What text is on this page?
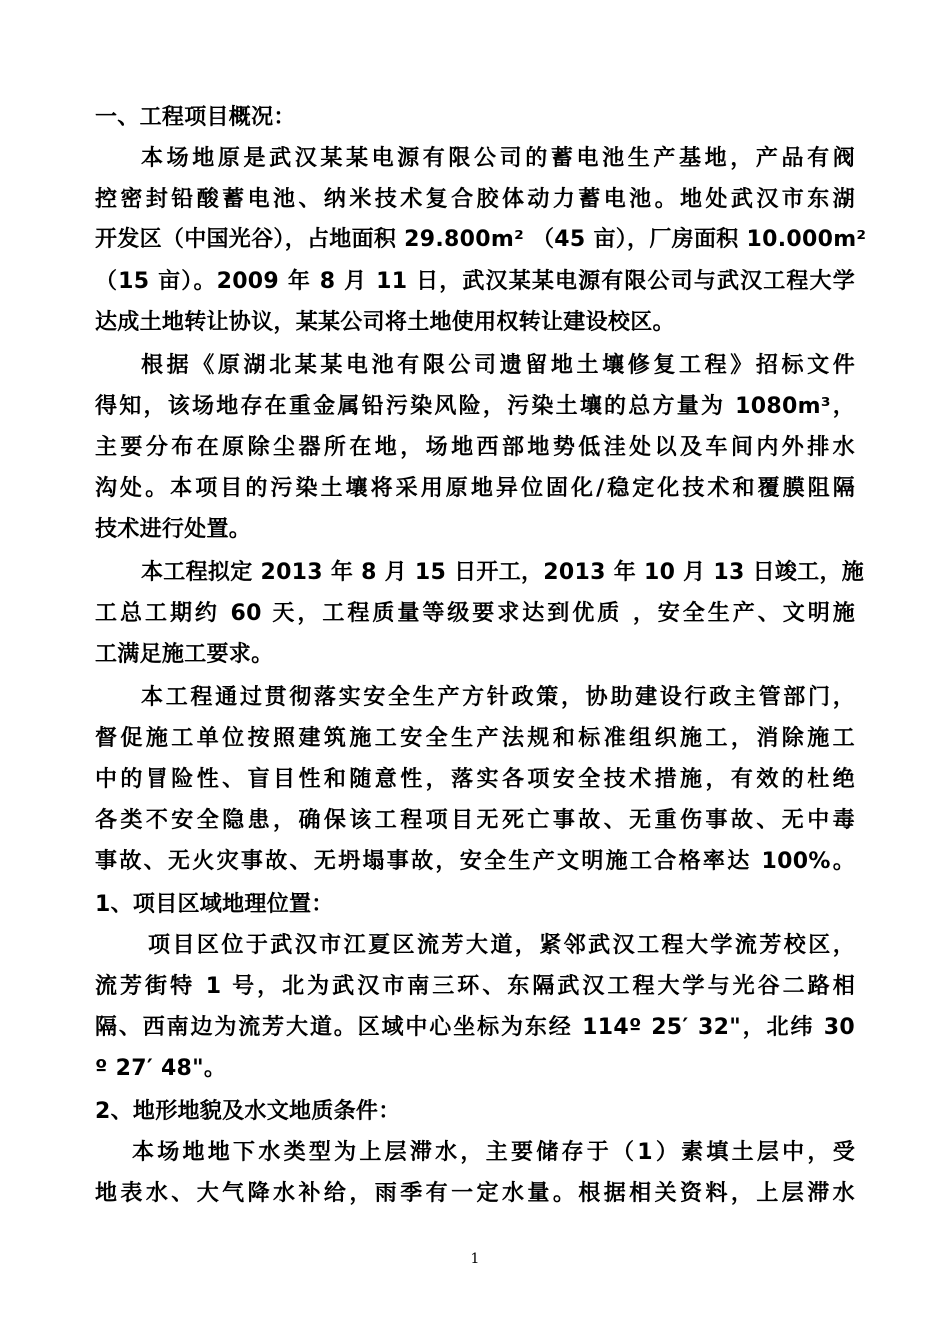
一、工程项目概况：
本场地原是武汉某某电源有限公司的蓄电池生产基地，产品有阀
控密封铅酸蓄电池、纳米技术复合胶体动力蓄电池。地处武汉市东湖
开发区（中国光谷），占地面积 29.800m² （45 亩），厂房面积 10.000m²
（15 亩）。2009 年 8 月 11 日，武汉某某电源有限公司与武汉工程大学
达成土地转让协议，某某公司将土地使用权转让建设校区。
根据《原湖北某某电池有限公司遗留地土壤修复工程》招标文件
得知，该场地存在重金属铅污染风险，污染土壤的总方量为 1080m³，
主要分布在原除尘器所在地，场地西部地势低洼处以及车间内外排水
沟处。本项目的污染土壤将采用原地异位固化/稳定化技术和覆膜阻隔
技术进行处置。
本工程拟定 2013 年 8 月 15 日开工，2013 年 10 月 13 日竣工，施
工总工期约 60 天，工程质量等级要求达到优质 ，安全生产、文明施
工满足施工要求。
本工程通过贯彻落实安全生产方针政策，协助建设行政主管部门，
督促施工单位按照建筑施工安全生产法规和标准组织施工，消除施工
中的冒险性、盲目性和随意性，落实各项安全技术措施，有效的杜绝
各类不安全隐患，确保该工程项目无死亡事故、无重伤事故、无中毒
事故、无火灾事故、无坍塌事故，安全生产文明施工合格率达 100%。
1、项目区域地理位置：
项目区位于武汉市江夏区流芳大道，紧邻武汉工程大学流芳校区，
流芳街特 1 号，北为武汉市南三环、东隔武汉工程大学与光谷二路相
隔、西南边为流芳大道。区域中心坐标为东经 114º 25′ 32"，北纬 30
º 27′ 48"。
2、地形地貌及水文地质条件：
本场地地下水类型为上层滞水，主要储存于（1）素填土层中，受
地表水、大气降水补给，雨季有一定水量。根据相关资料，上层滞水
1
